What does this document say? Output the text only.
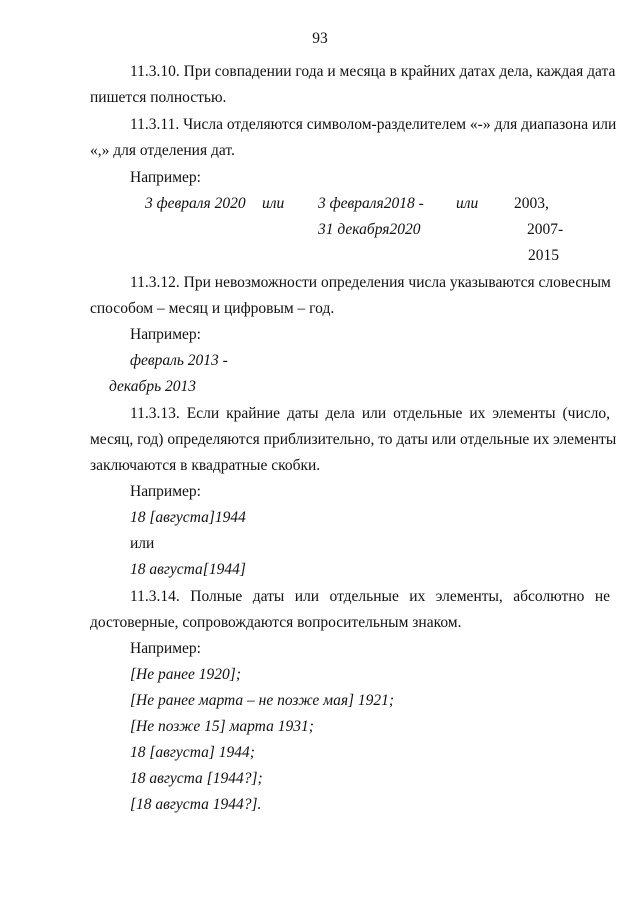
93
11.3.10. При совпадении года и месяца в крайних датах дела, каждая дата
пишется полностью.
11.3.11. Числа отделяются символом-разделителем «-» для диапазона или
«,» для отделения дат.
Например:
3 февраля 2020 или 3 февраля2018 -
31 декабря2020
или 2003,
2007-
2015
11.3.12. При невозможности определения числа указываются словесным
способом – месяц и цифровым – год.
Например:
февраль 2013 -
декабрь 2013
11.3.13. Если крайние даты дела или отдельные их элементы (число,
месяц, год) определяются приблизительно, то даты или отдельные их элементы
заключаются в квадратные скобки.
Например:
18 [августа]1944
или
18 августа[1944]
11.3.14. Полные даты или отдельные их элементы, абсолютно не
достоверные, сопровождаются вопросительным знаком.
Например:
[Не ранее 1920];
[Не ранее марта – не позже мая] 1921;
[Не позже 15] марта 1931;
18 [августа] 1944;
18 августа [1944?];
[18 августа 1944?].
